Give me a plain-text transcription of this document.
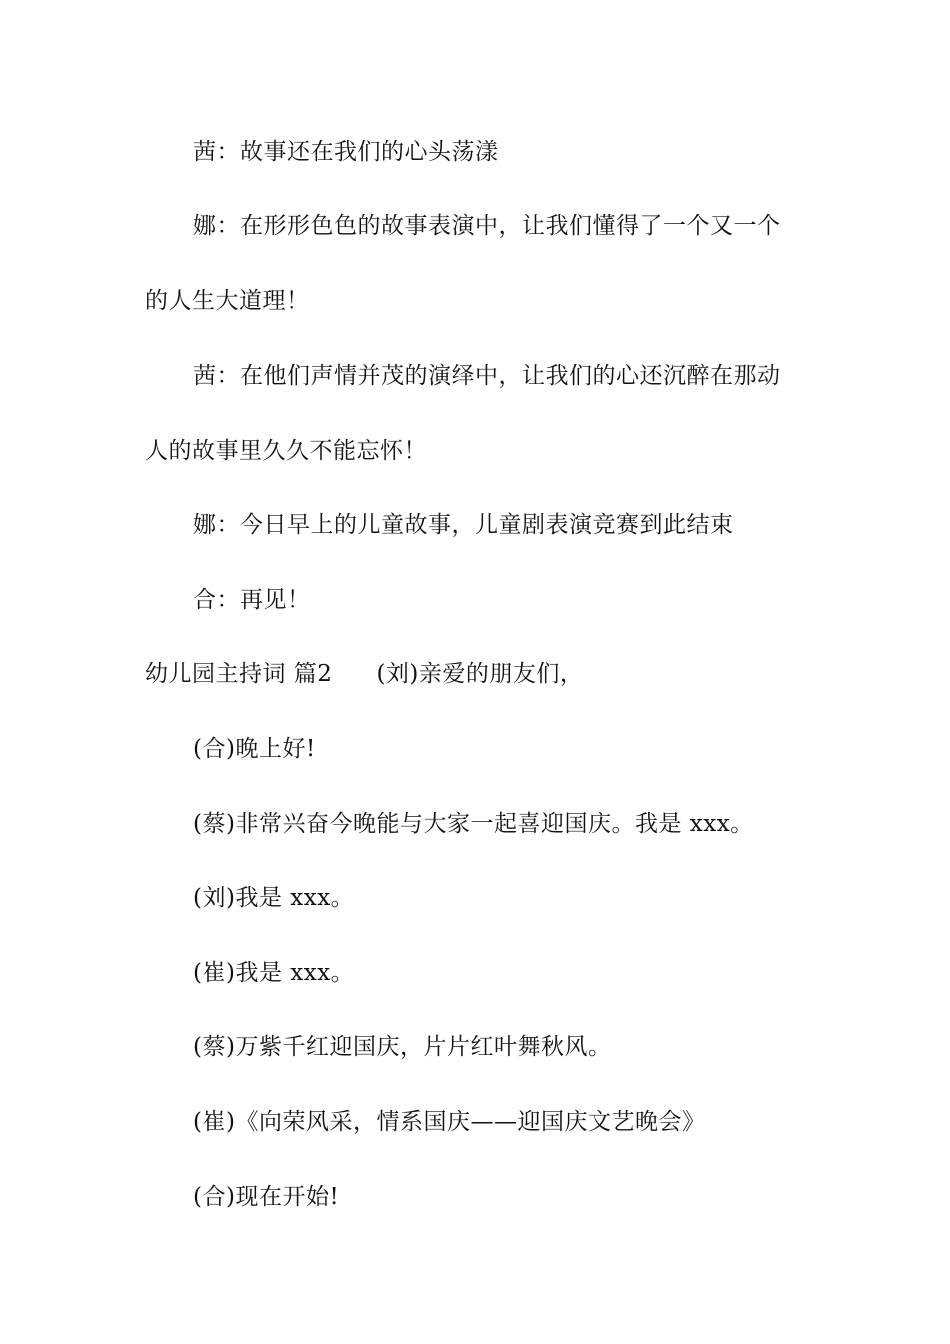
茜：故事还在我们的心头荡漾
娜：在形形色色的故事表演中，让我们懂得了一个又一个
的人生大道理！
茜：在他们声情并茂的演绎中，让我们的心还沉醉在那动
人的故事里久久不能忘怀！
娜：今日早上的儿童故事，儿童剧表演竞赛到此结束
合：再见！
幼儿园主持词 篇2 (刘)亲爱的朋友们，
(合)晚上好!
(蔡)非常兴奋今晚能与大家一起喜迎国庆。我是 xxx。
(刘)我是 xxx。
(崔)我是 xxx。
(蔡)万紫千红迎国庆，片片红叶舞秋风。
(崔)《向荣风采，情系国庆——迎国庆文艺晚会》
(合)现在开始!
